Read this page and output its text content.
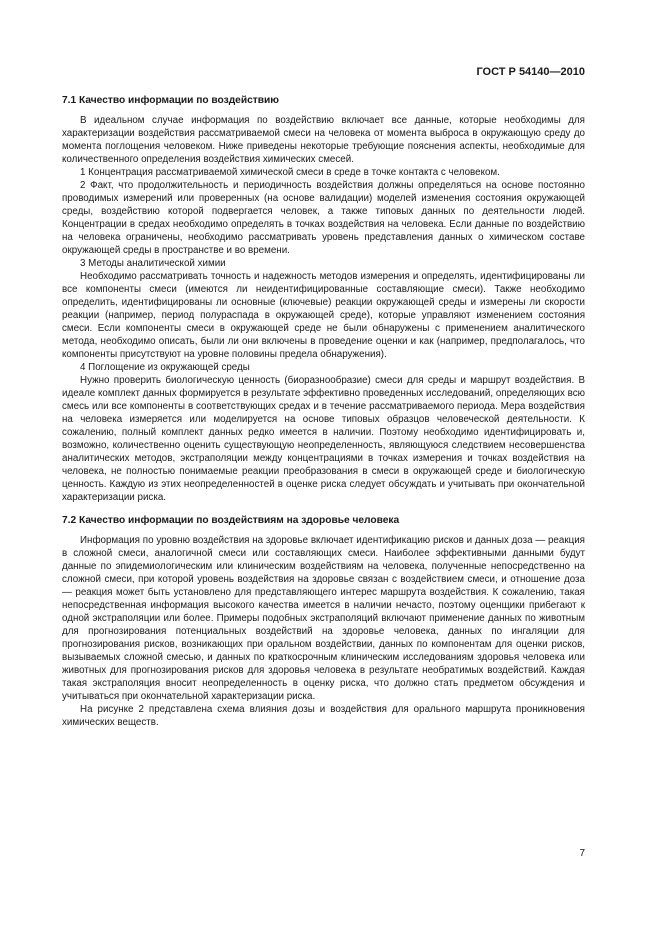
ГОСТ Р 54140—2010
7.1 Качество информации по воздействию

В идеальном случае информация по воздействию включает все данные, которые необходимы для характеризации воздействия рассматриваемой смеси на человека от момента выброса в окружающую среду до момента поглощения человеком. Ниже приведены некоторые требующие пояснения аспекты, необходимые для количественного определения воздействия химических смесей.

1 Концентрация рассматриваемой химической смеси в среде в точке контакта с человеком.

2 Факт, что продолжительность и периодичность воздействия должны определяться на основе постоянно проводимых измерений или проверенных (на основе валидации) моделей изменения состояния окружающей среды, воздействию которой подвергается человек, а также типовых данных по деятельности людей. Концентрации в средах необходимо определять в точках воздействия на человека. Если данные по воздействию на человека ограничены, необходимо рассматривать уровень представления данных о химическом составе окружающей среды в пространстве и во времени.

3 Методы аналитической химии

Необходимо рассматривать точность и надежность методов измерения и определять, идентифицированы ли все компоненты смеси (имеются ли неидентифицированные составляющие смеси). Также необходимо определить, идентифицированы ли основные (ключевые) реакции окружающей среды и измерены ли скорости реакции (например, период полураспада в окружающей среде), которые управляют изменением состояния смеси. Если компоненты смеси в окружающей среде не были обнаружены с применением аналитического метода, необходимо описать, были ли они включены в проведение оценки и как (например, предполагалось, что компоненты присутствуют на уровне половины предела обнаружения).

4 Поглощение из окружающей среды

Нужно проверить биологическую ценность (биоразнообразие) смеси для среды и маршрут воздействия. В идеале комплект данных формируется в результате эффективно проведенных исследований, определяющих всю смесь или все компоненты в соответствующих средах и в течение рассматриваемого периода. Мера воздействия на человека измеряется или моделируется на основе типовых образцов человеческой деятельности. К сожалению, полный комплект данных редко имеется в наличии. Поэтому необходимо идентифицировать и, возможно, количественно оценить существующую неопределенность, являющуюся следствием несовершенства аналитических методов, экстраполяции между концентрациями в точках измерения и точках воздействия на человека, не полностью понимаемые реакции преобразования в смеси в окружающей среде и биологическую ценность. Каждую из этих неопределенностей в оценке риска следует обсуждать и учитывать при окончательной характеризации риска.

7.2 Качество информации по воздействиям на здоровье человека

Информация по уровню воздействия на здоровье включает идентификацию рисков и данных доза — реакция в сложной смеси, аналогичной смеси или составляющих смеси. Наиболее эффективными данными будут данные по эпидемиологическим или клиническим воздействиям на человека, полученные непосредственно на сложной смеси, при которой уровень воздействия на здоровье связан с воздействием смеси, и отношение доза — реакция может быть установлено для представляющего интерес маршрута воздействия. К сожалению, такая непосредственная информация высокого качества имеется в наличии нечасто, поэтому оценщики прибегают к одной экстраполяции или более. Примеры подобных экстраполяций включают применение данных по животным для прогнозирования потенциальных воздействий на здоровье человека, данных по ингаляции для прогнозирования рисков, возникающих при оральном воздействии, данных по компонентам для оценки рисков, вызываемых сложной смесью, и данных по краткосрочным клиническим исследованиям здоровья человека или животных для прогнозирования рисков для здоровья человека в результате необратимых воздействий. Каждая такая экстраполяция вносит неопределенность в оценку риска, что должно стать предметом обсуждения и учитываться при окончательной характеризации риска.

На рисунке 2 представлена схема влияния дозы и воздействия для орального маршрута проникновения химических веществ.

7
